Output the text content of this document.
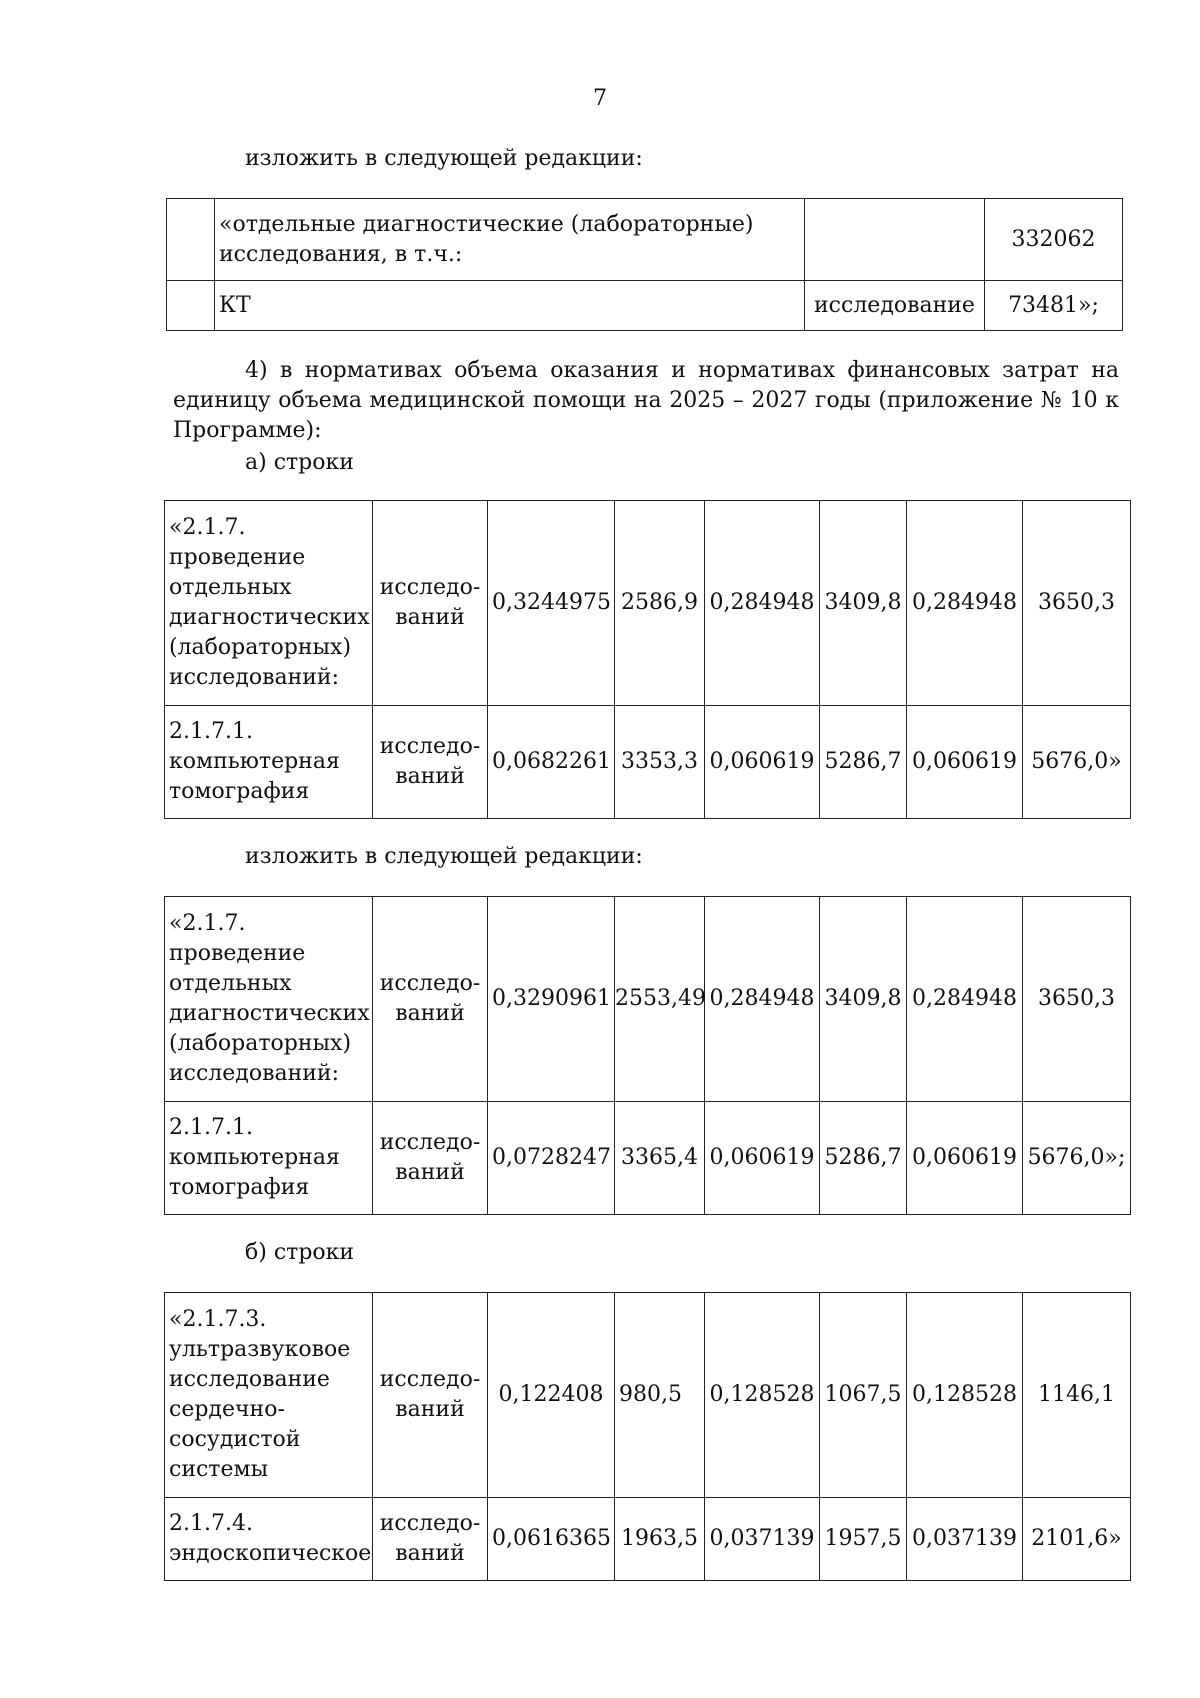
7

изложить в следующей редакции:

	«отдельные диагностические (лабораторные) исследования, в т.ч.:		332062
	КТ	исследование	73481»;

4) в нормативах объема оказания и нормативах финансовых затрат на единицу объема медицинской помощи на 2025 – 2027 годы (приложение № 10 к Программе):

а) строки

«2.1.7. проведение отдельных диагностических (лабораторных) исследований:	исследо-ваний	0,3244975	2586,9	0,284948	3409,8	0,284948	3650,3
2.1.7.1. компьютерная томография	исследо-ваний	0,0682261	3353,3	0,060619	5286,7	0,060619	5676,0»

изложить в следующей редакции:

«2.1.7. проведение отдельных диагностических (лабораторных) исследований:	исследо-ваний	0,3290961	2553,49	0,284948	3409,8	0,284948	3650,3
2.1.7.1. компьютерная томография	исследо-ваний	0,0728247	3365,4	0,060619	5286,7	0,060619	5676,0»;

б) строки

«2.1.7.3. ультразвуковое исследование сердечно-сосудистой системы	исследо-ваний	0,122408	980,5	0,128528	1067,5	0,128528	1146,1
2.1.7.4. эндоскопическое	исследо-ваний	0,0616365	1963,5	0,037139	1957,5	0,037139	2101,6»
